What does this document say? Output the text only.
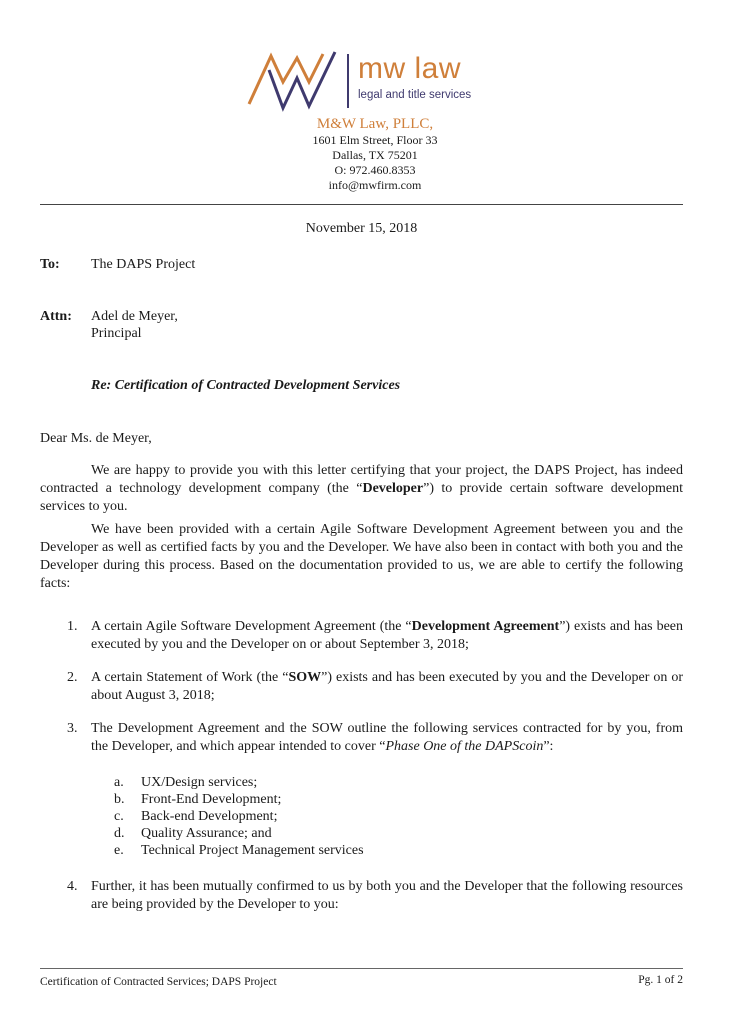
mw law
legal and title services
M&W Law, PLLC,
1601 Elm Street, Floor 33
Dallas, TX 75201
O: 972.460.8353
info@mwfirm.com
November 15, 2018
To: The DAPS Project
Attn: Adel de Meyer,
Principal
Re: Certification of Contracted Development Services
Dear Ms. de Meyer,
We are happy to provide you with this letter certifying that your project, the DAPS Project, has indeed contracted a technology development company (the “Developer”) to provide certain software development services to you.
We have been provided with a certain Agile Software Development Agreement between you and the Developer as well as certified facts by you and the Developer. We have also been in contact with both you and the Developer during this process. Based on the documentation provided to us, we are able to certify the following facts:
1. A certain Agile Software Development Agreement (the “Development Agreement”) exists and has been executed by you and the Developer on or about September 3, 2018;
2. A certain Statement of Work (the “SOW”) exists and has been executed by you and the Developer on or about August 3, 2018;
3. The Development Agreement and the SOW outline the following services contracted for by you, from the Developer, and which appear intended to cover “Phase One of the DAPScoin”:
a. UX/Design services;
b. Front-End Development;
c. Back-end Development;
d. Quality Assurance; and
e. Technical Project Management services
4. Further, it has been mutually confirmed to us by both you and the Developer that the following resources are being provided by the Developer to you:
Certification of Contracted Services; DAPS Project	Pg. 1 of 2
